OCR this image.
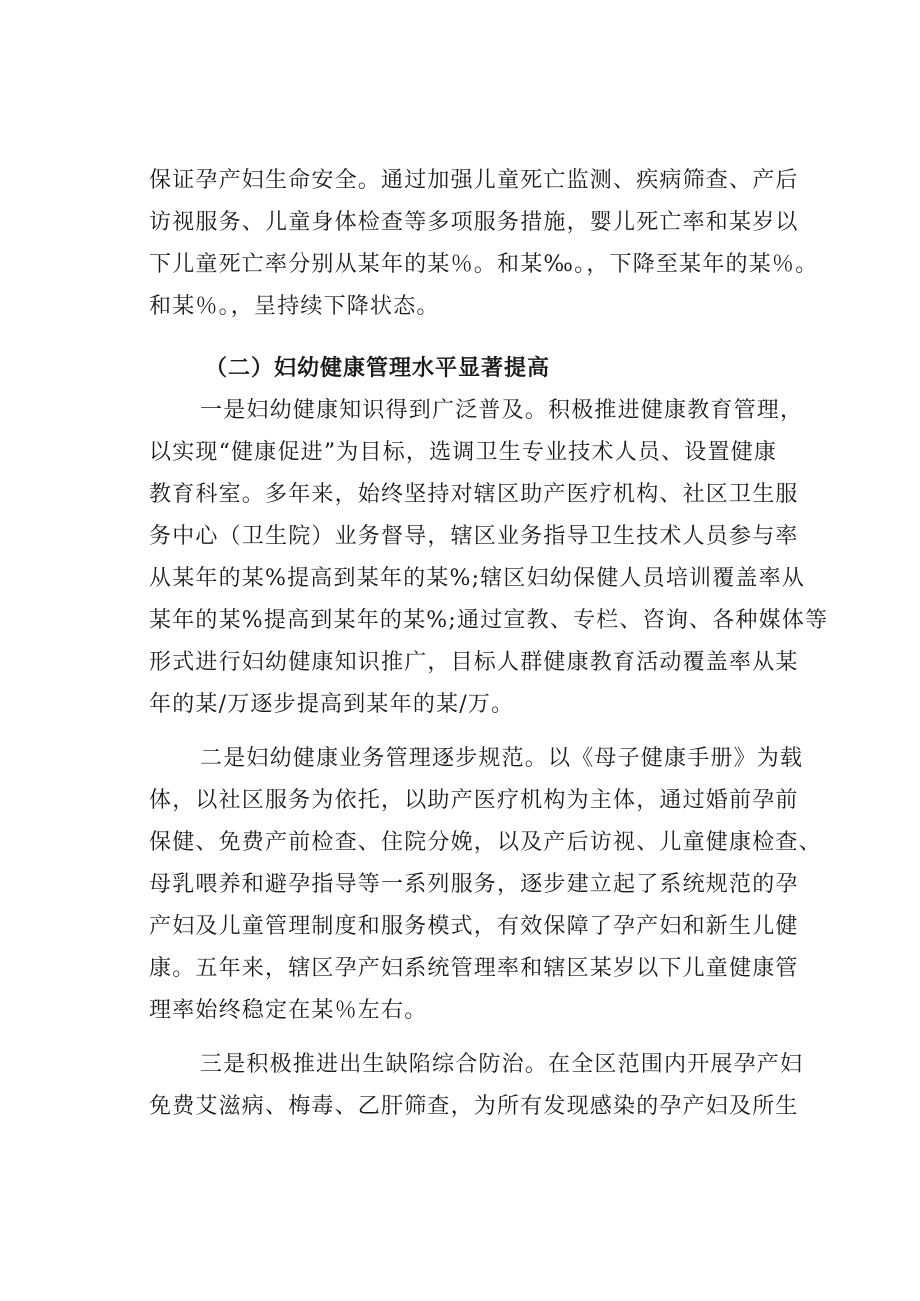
保证孕产妇生命安全。通过加强儿童死亡监测、疾病筛查、产后
访视服务、儿童身体检查等多项服务措施，婴儿死亡率和某岁以
下儿童死亡率分别从某年的某％。和某‰。，下降至某年的某％。
和某％。，呈持续下降状态。
（二）妇幼健康管理水平显著提高
一是妇幼健康知识得到广泛普及。积极推进健康教育管理，
以实现“健康促进”为目标，选调卫生专业技术人员、设置健康
教育科室。多年来，始终坚持对辖区助产医疗机构、社区卫生服
务中心（卫生院）业务督导，辖区业务指导卫生技术人员参与率
从某年的某%提高到某年的某%;辖区妇幼保健人员培训覆盖率从
某年的某%提高到某年的某%;通过宣教、专栏、咨询、各种媒体等
形式进行妇幼健康知识推广，目标人群健康教育活动覆盖率从某
年的某/万逐步提高到某年的某/万。
二是妇幼健康业务管理逐步规范。以《母子健康手册》为载
体，以社区服务为依托，以助产医疗机构为主体，通过婚前孕前
保健、免费产前检查、住院分娩，以及产后访视、儿童健康检查、
母乳喂养和避孕指导等一系列服务，逐步建立起了系统规范的孕
产妇及儿童管理制度和服务模式，有效保障了孕产妇和新生儿健
康。五年来，辖区孕产妇系统管理率和辖区某岁以下儿童健康管
理率始终稳定在某％左右。
三是积极推进出生缺陷综合防治。在全区范围内开展孕产妇
免费艾滋病、梅毒、乙肝筛查，为所有发现感染的孕产妇及所生
